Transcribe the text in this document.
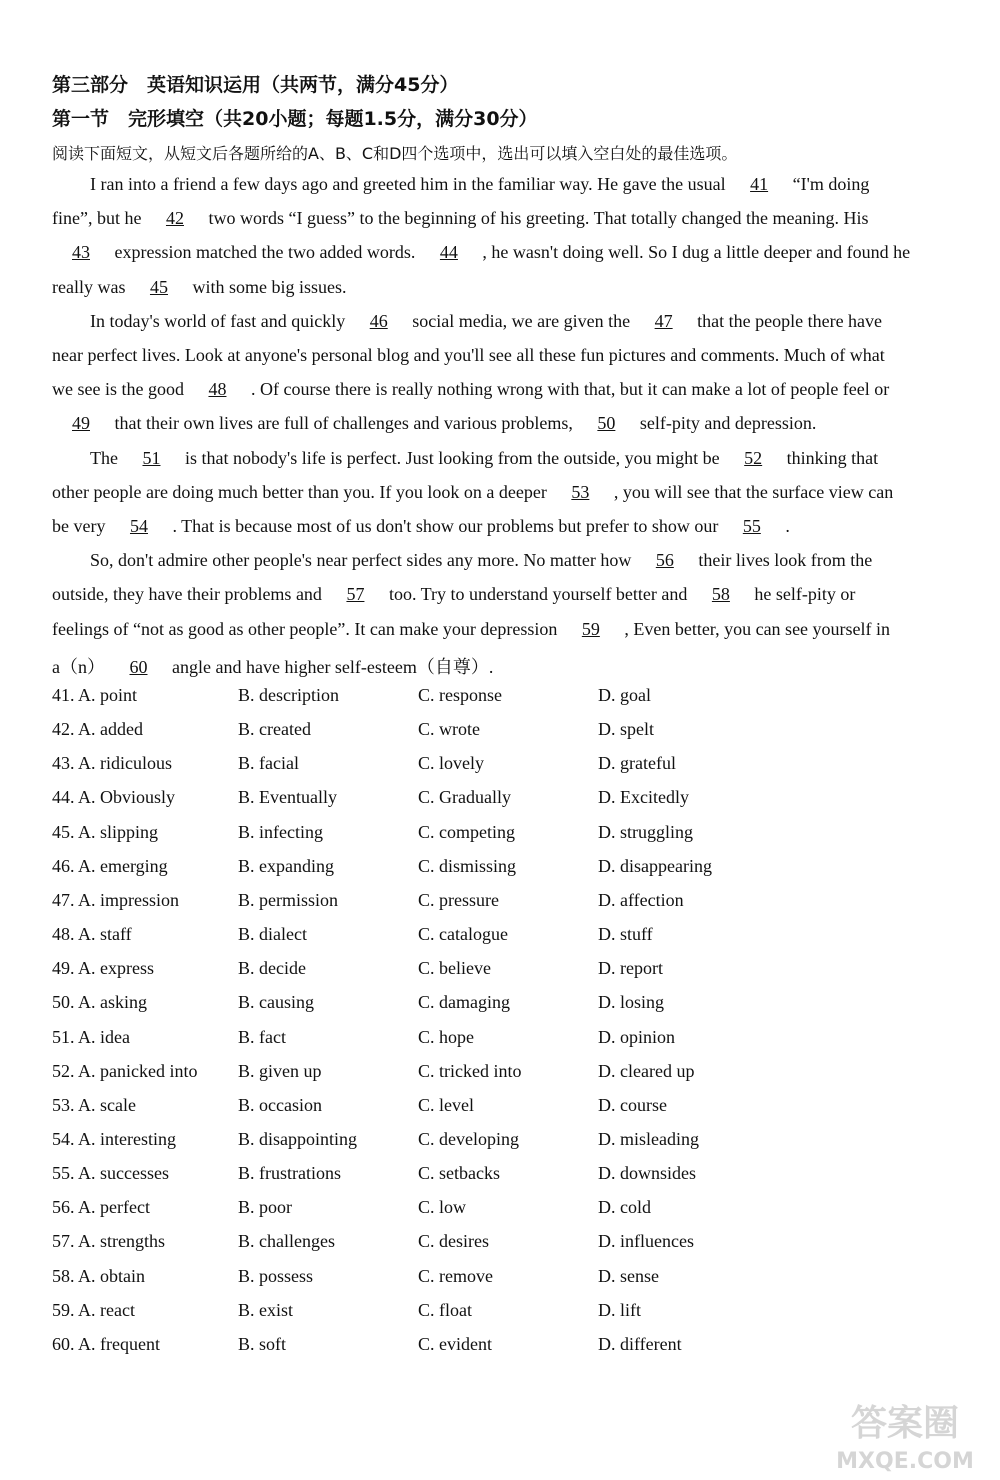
第三部分　英语知识运用（共两节，满分45分）
第一节　完形填空（共20小题；每题1.5分，满分30分）
阅读下面短文，从短文后各题所给的A、B、C和D四个选项中，选出可以填入空白处的最佳选项。
I ran into a friend a few days ago and greeted him in the familiar way. He gave the usual 41 “I'm doing
fine”, but he 42 two words “I guess” to the beginning of his greeting. That totally changed the meaning. His
43 expression matched the two added words. 44 , he wasn't doing well. So I dug a little deeper and found he
really was 45 with some big issues.
In today's world of fast and quickly 46 social media, we are given the 47 that the people there have
near perfect lives. Look at anyone's personal blog and you'll see all these fun pictures and comments. Much of what
we see is the good 48 . Of course there is really nothing wrong with that, but it can make a lot of people feel or
49 that their own lives are full of challenges and various problems, 50 self-pity and depression.
The 51 is that nobody's life is perfect. Just looking from the outside, you might be 52 thinking that
other people are doing much better than you. If you look on a deeper 53 , you will see that the surface view can
be very 54 . That is because most of us don't show our problems but prefer to show our 55 .
So, don't admire other people's near perfect sides any more. No matter how 56 their lives look from the
outside, they have their problems and 57 too. Try to understand yourself better and 58 he self-pity or
feelings of “not as good as other people”. It can make your depression 59 , Even better, you can see yourself in
a（n） 60 angle and have higher self-esteem（自尊）.
41. A. point	B. description	C. response	D. goal
42. A. added	B. created	C. wrote	D. spelt
43. A. ridiculous	B. facial	C. lovely	D. grateful
44. A. Obviously	B. Eventually	C. Gradually	D. Excitedly
45. A. slipping	B. infecting	C. competing	D. struggling
46. A. emerging	B. expanding	C. dismissing	D. disappearing
47. A. impression	B. permission	C. pressure	D. affection
48. A. staff	B. dialect	C. catalogue	D. stuff
49. A. express	B. decide	C. believe	D. report
50. A. asking	B. causing	C. damaging	D. losing
51. A. idea	B. fact	C. hope	D. opinion
52. A. panicked into B. given up	C. tricked into	D. cleared up
53. A. scale	B. occasion	C. level	D. course
54. A. interesting	B. disappointing	C. developing	D. misleading
55. A. successes	B. frustrations	C. setbacks	D. downsides
56. A. perfect	B. poor	C. low	D. cold
57. A. strengths	B. challenges	C. desires	D. influences
58. A. obtain	B. possess	C. remove	D. sense
59. A. react	B. exist	C. float	D. lift
60. A. frequent	B. soft	C. evident	D. different
答案圈
MXQE.COM
